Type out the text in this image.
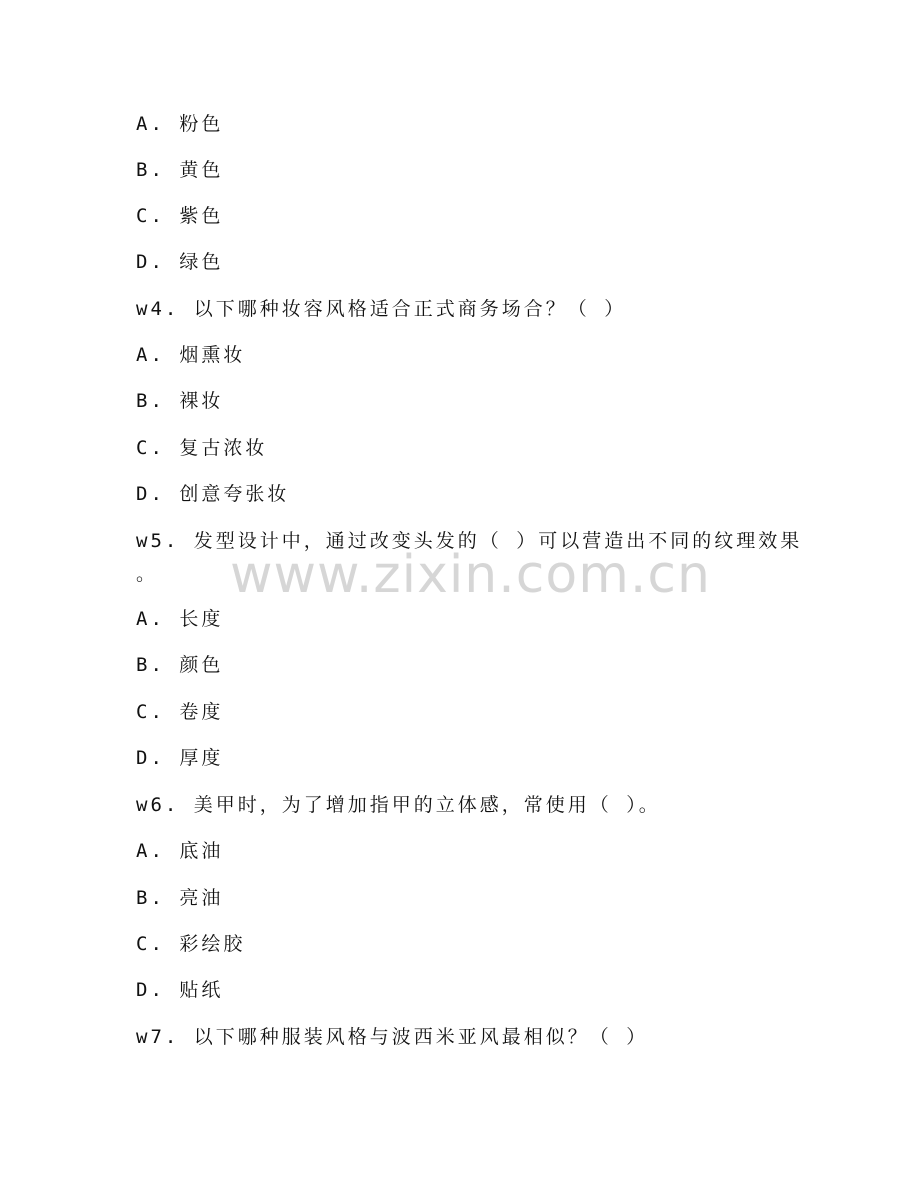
A. 粉色
B. 黄色
C. 紫色
D. 绿色
w4. 以下哪种妆容风格适合正式商务场合？（ ）
A. 烟熏妆
B. 裸妆
C. 复古浓妆
D. 创意夸张妆
w5. 发型设计中，通过改变头发的（ ）可以营造出不同的纹理效果
。
A. 长度
B. 颜色
C. 卷度
D. 厚度
w6. 美甲时，为了增加指甲的立体感，常使用（ ）。
A. 底油
B. 亮油
C. 彩绘胶
D. 贴纸
w7. 以下哪种服装风格与波西米亚风最相似？（ ）
www.zixin.com.cn
